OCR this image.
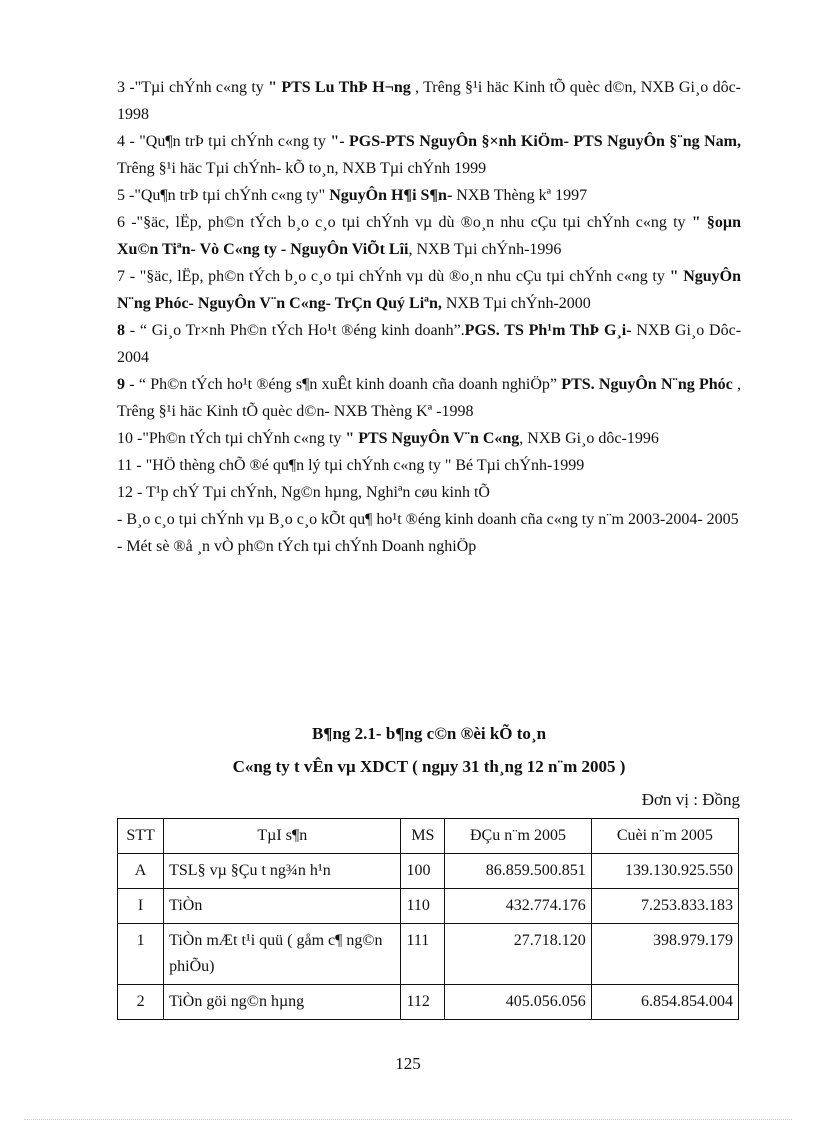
3 -"Tµi chÝnh c«ng ty " PTS Lu ThÞ H¬ng , Trêng §¹i häc Kinh tÕ quèc d©n, NXB Gi¸o dôc-1998

4 - "Qu¶n trÞ tµi chÝnh c«ng ty "- PGS-PTS NguyÔn §×nh KiÖm- PTS NguyÔn §¨ng Nam, Trêng §¹i häc Tµi chÝnh- kÕ to¸n, NXB Tµi chÝnh 1999

5 -"Qu¶n trÞ tµi chÝnh c«ng ty" NguyÔn H¶i S¶n- NXB Thèng kª 1997

6 -"§äc, lËp, ph©n tÝch b¸o c¸o tµi chÝnh vµ dù ®o¸n nhu cÇu tµi chÝnh c«ng ty " §oµn Xu©n Tiªn- Vò C«ng ty - NguyÔn ViÕt Lîi, NXB Tµi chÝnh-1996

7 - "§äc, lËp, ph©n tÝch b¸o c¸o tµi chÝnh vµ dù ®o¸n nhu cÇu tµi chÝnh c«ng ty " NguyÔn N¨ng Phóc- NguyÔn V¨n C«ng- TrÇn Quý Liªn, NXB Tµi chÝnh-2000

8 - “ Gi¸o Tr×nh Ph©n tÝch Ho¹t ®éng kinh doanh”.PGS. TS Ph¹m ThÞ G¸i- NXB Gi¸o Dôc- 2004

9 - “ Ph©n tÝch ho¹t ®éng s¶n xuÊt kinh doanh cña doanh nghiÖp” PTS. NguyÔn N¨ng Phóc , Trêng §¹i häc Kinh tÕ quèc d©n- NXB Thèng Kª -1998

10 -"Ph©n tÝch tµi chÝnh c«ng ty " PTS NguyÔn V¨n C«ng, NXB Gi¸o dôc-1996

11 - "HÖ thèng chÕ ®é qu¶n lý tµi chÝnh c«ng ty " Bé Tµi chÝnh-1999

12 - T¹p chÝ Tµi chÝnh, Ng©n hµng, Nghiªn cøu kinh tÕ

- B¸o c¸o tµi chÝnh vµ B¸o c¸o kÕt qu¶ ho¹t ®éng kinh doanh cña c«ng ty n¨m 2003-2004- 2005

- Mét sè ®å ¸n vÒ ph©n tÝch tµi chÝnh Doanh nghiÖp

B¶ng 2.1- b¶ng c©n ®èi kÕ to¸n
C«ng ty t vÊn vµ XDCT ( ngµy 31 th¸ng 12 n¨m 2005 )
Đơn vị : Đồng
STT	TµI s¶n	MS	ĐÇu n¨m 2005	Cuèi n¨m 2005
A	TSL§ vµ §Çu t ng¾n h¹n	100	86.859.500.851	139.130.925.550
I	TiÒn	110	432.774.176	7.253.833.183
1	TiÒn mÆt t¹i quü ( gåm c¶ ng©n phiÕu)	111	27.718.120	398.979.179
2	TiÒn göi ng©n hµng	112	405.056.056	6.854.854.004
125
